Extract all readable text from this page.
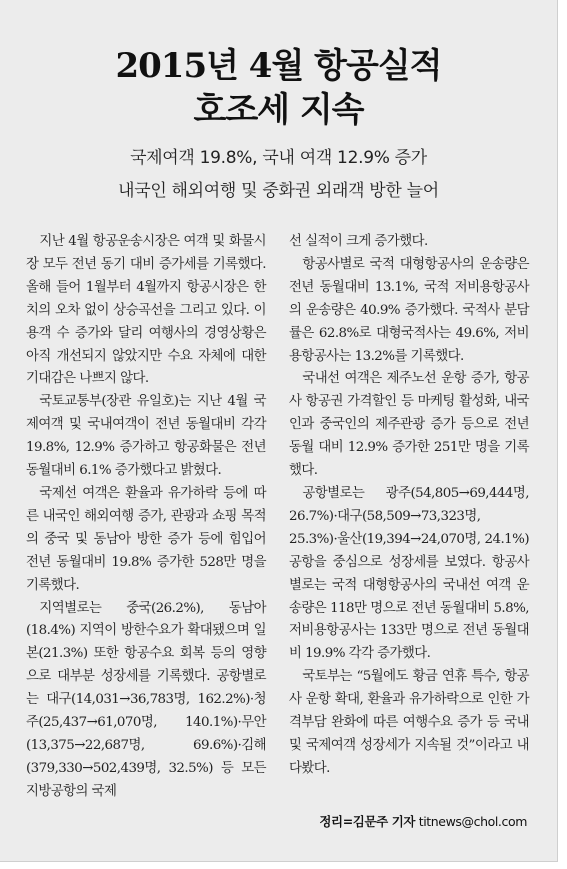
2015년 4월 항공실적
호조세 지속
국제여객 19.8%, 국내 여객 12.9% 증가
내국인 해외여행 및 중화권 외래객 방한 늘어

지난 4월 항공운송시장은 여객 및 화물시장 모두 전년 동기 대비 증가세를 기록했다. 올해 들어 1월부터 4월까지 항공시장은 한 치의 오차 없이 상승곡선을 그리고 있다. 이용객 수 증가와 달리 여행사의 경영상황은 아직 개선되지 않았지만 수요 자체에 대한 기대감은 나쁘지 않다.

국토교통부(장관 유일호)는 지난 4월 국제여객 및 국내여객이 전년 동월대비 각각 19.8%, 12.9% 증가하고 항공화물은 전년 동월대비 6.1% 증가했다고 밝혔다.

국제선 여객은 환율과 유가하락 등에 따른 내국인 해외여행 증가, 관광과 쇼핑 목적의 중국 및 동남아 방한 증가 등에 힘입어 전년 동월대비 19.8% 증가한 528만 명을 기록했다.

지역별로는 중국(26.2%), 동남아(18.4%) 지역이 방한수요가 확대됐으며 일본(21.3%) 또한 항공수요 회복 등의 영향으로 대부분 성장세를 기록했다. 공항별로는 대구(14,031→36,783명, 162.2%)·청주(25,437→61,070명, 140.1%)·무안(13,375→22,687명, 69.6%)·김해(379,330→502,439명, 32.5%) 등 모든 지방공항의 국제

선 실적이 크게 증가했다.

항공사별로 국적 대형항공사의 운송량은 전년 동월대비 13.1%, 국적 저비용항공사의 운송량은 40.9% 증가했다. 국적사 분담률은 62.8%로 대형국적사는 49.6%, 저비용항공사는 13.2%를 기록했다.

국내선 여객은 제주노선 운항 증가, 항공사 항공권 가격할인 등 마케팅 활성화, 내국인과 중국인의 제주관광 증가 등으로 전년동월 대비 12.9% 증가한 251만 명을 기록했다.

공항별로는 광주(54,805→69,444명, 26.7%)·대구(58,509→73,323명, 25.3%)·울산(19,394→24,070명, 24.1%) 공항을 중심으로 성장세를 보였다. 항공사별로는 국적 대형항공사의 국내선 여객 운송량은 118만 명으로 전년 동월대비 5.8%, 저비용항공사는 133만 명으로 전년 동월대비 19.9% 각각 증가했다.

국토부는 “5월에도 황금 연휴 특수, 항공사 운항 확대, 환율과 유가하락으로 인한 가격부담 완화에 따른 여행수요 증가 등 국내 및 국제여객 성장세가 지속될 것”이라고 내다봤다.

정리=김문주 기자 titnews@chol.com
